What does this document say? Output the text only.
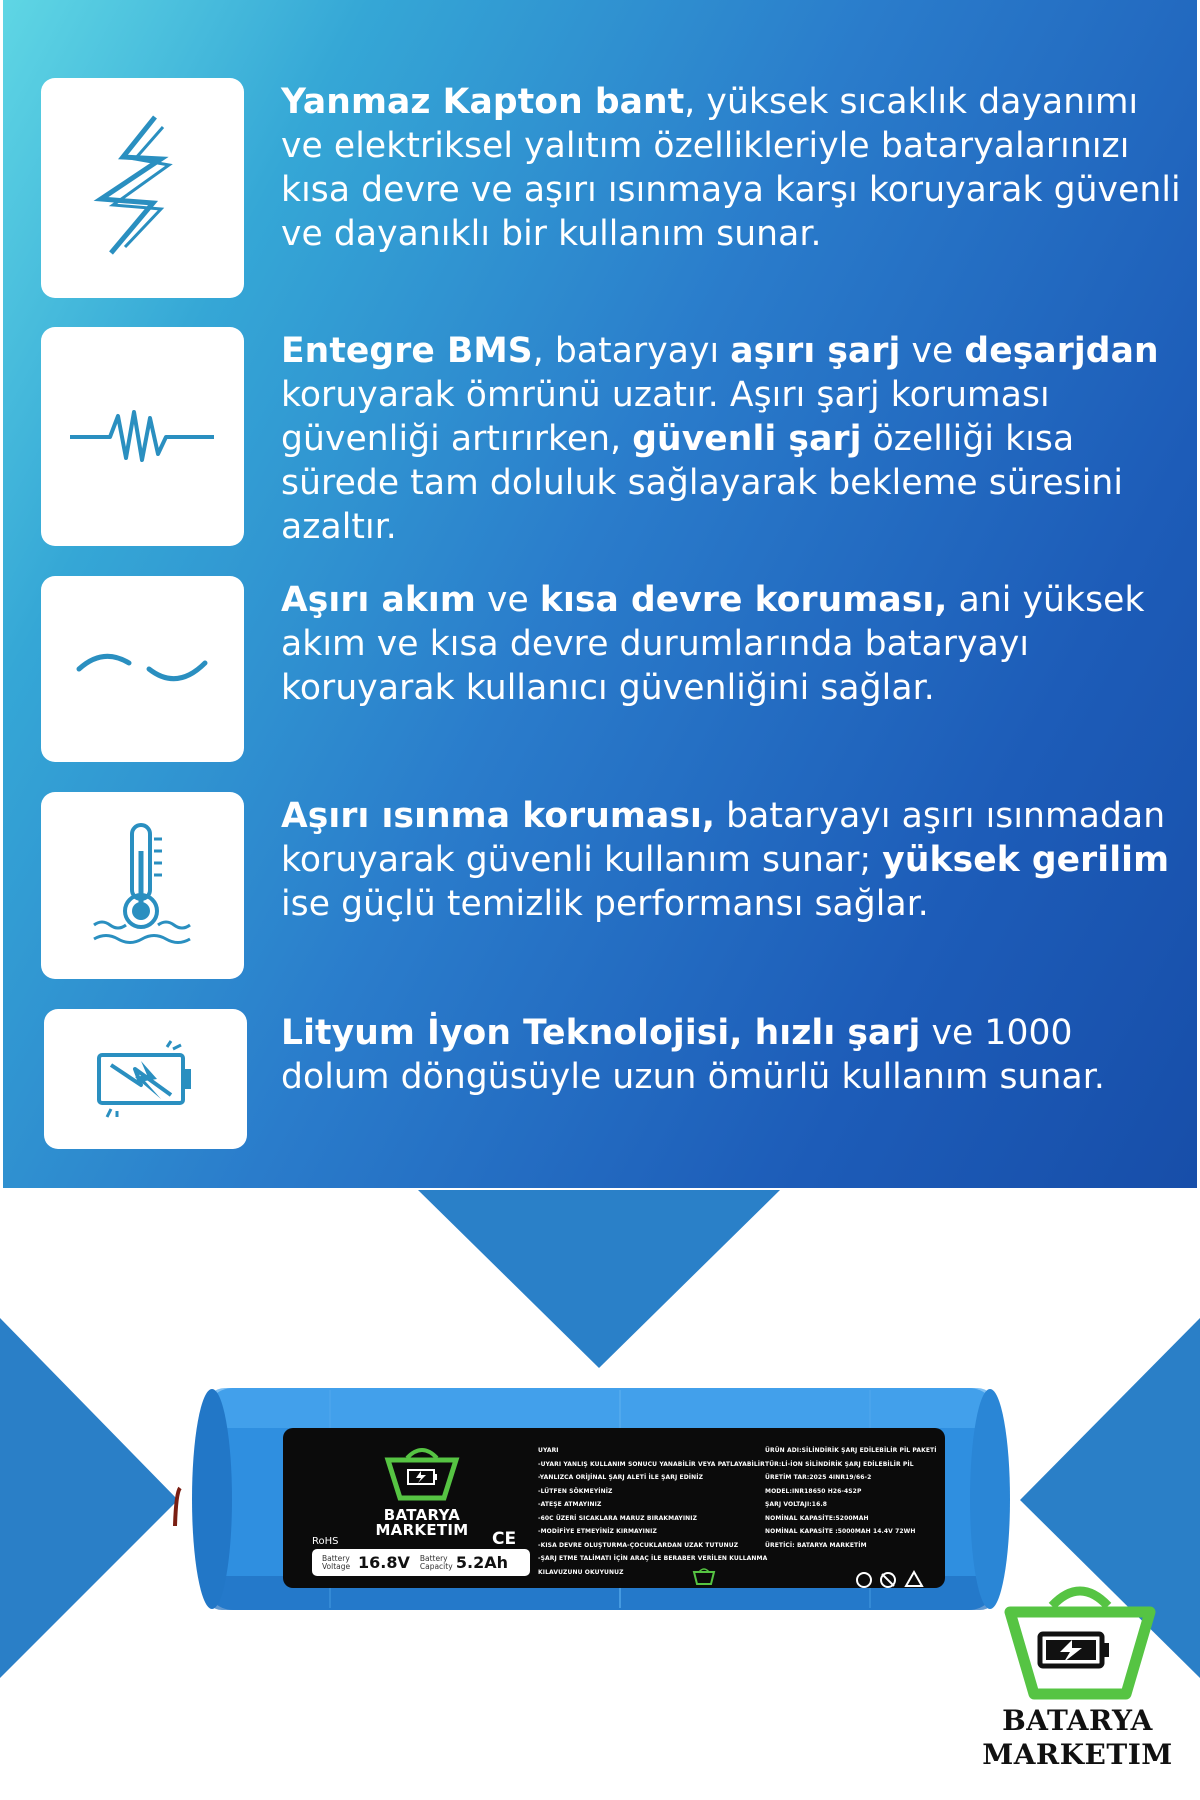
Yanmaz Kapton bant, yüksek sıcaklık dayanımı ve elektriksel yalıtım özellikleriyle bataryalarınızı kısa devre ve aşırı ısınmaya karşı koruyarak güvenli ve dayanıklı bir kullanım sunar.
Entegre BMS, bataryayı aşırı şarj ve deşarjdan koruyarak ömrünü uzatır. Aşırı şarj koruması güvenliği artırırken, güvenli şarj özelliği kısa sürede tam doluluk sağlayarak bekleme süresini azaltır.
Aşırı akım ve kısa devre koruması, ani yüksek akım ve kısa devre durumlarında bataryayı koruyarak kullanıcı güvenliğini sağlar.
Aşırı ısınma koruması, bataryayı aşırı ısınmadan koruyarak güvenli kullanım sunar; yüksek gerilim ise güçlü temizlik performansı sağlar.
Lityum İyon Teknolojisi, hızlı şarj ve 1000 dolum döngüsüyle uzun ömürlü kullanım sunar.
BATARYA
MARKETIM
RoHS	CE
Battery Voltage 16.8V Battery Capacity 5.2Ah
UYARI
-UYARI YANLIŞ KULLANIM SONUCU YANABİLİR VEYA PATLAYABİLİR
-YANLIZCA ORİJİNAL ŞARJ ALETİ İLE ŞARJ EDİNİZ
-LÜTFEN SÖKMEYİNİZ
-ATEŞE ATMAYINIZ
-60C ÜZERİ SICAKLARA MARUZ BIRAKMAYINIZ
-MODİFİYE ETMEYİNİZ KIRMAYINIZ
-KISA DEVRE OLUŞTURMA-ÇOCUKLARDAN UZAK TUTUNUZ
-ŞARJ ETME TALİMATI İÇİN ARAÇ İLE BERABER VERİLEN KULLANMA
KILAVUZUNU OKUYUNUZ
ÜRÜN ADI:SİLİNDİRİK ŞARJ EDİLEBİLİR PİL PAKETİ
TÜR:Lİ-İON SİLİNDİRİK ŞARJ EDİLEBİLİR PİL
ÜRETİM TAR:2025 4INR19/66-2
MODEL:INR18650 H26-4S2P
ŞARJ VOLTAJI:16.8
NOMİNAL KAPASİTE:5200MAH
NOMİNAL KAPASİTE :5000MAH 14.4V 72WH
ÜRETİCİ: BATARYA MARKETİM
BATARYA
MARKETIM
